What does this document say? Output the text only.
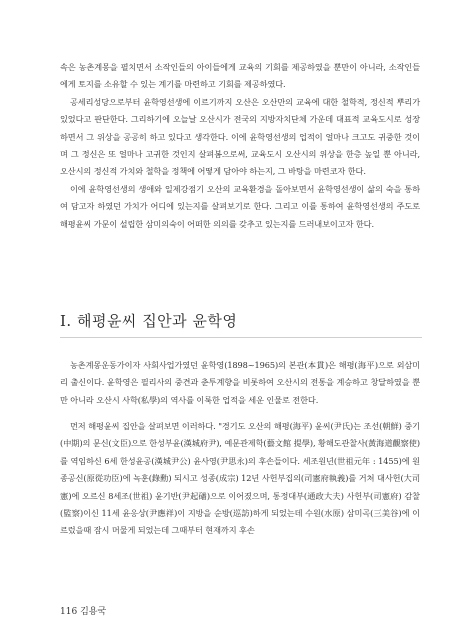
속은 농촌계몽을 펼치면서 소작인들의 아이들에게 교육의 기회를 제공하였을 뿐만이 아니라, 소작인들에게 토지를 소유할 수 있는 계기를 마련하고 기회를 제공하였다.

공세리성당으로부터 윤학영선생에 이르기까지 오산은 오산만의 교육에 대한 철학적, 정신적 뿌리가 있었다고 판단한다. 그리하기에 오늘날 오산시가 전국의 지방자치단체 가운데 대표적 교육도시로 성장하면서 그 위상을 공공히 하고 있다고 생각한다. 이에 윤학영선생의 업적이 얼마나 크고도 귀중한 것이며 그 정신은 또 얼마나 고귀한 것인지 살펴봄으로써, 교육도시 오산시의 위상을 한층 높일 뿐 아니라, 오산시의 정신적 가치와 철학을 정책에 어떻게 담아야 하는지, 그 바탕을 마련코자 한다.

이에 윤학영선생의 생애와 일제강점기 오산의 교육환경을 돌아보면서 윤학영선생이 삶의 숙을 통하여 담고자 하였던 가치가 어디에 있는지를 살펴보기로 한다. 그리고 이를 통하여 윤학영선생의 주도로 해평윤씨 가문이 설립한 삼미의숙이 어떠한 의의를 갖추고 있는지를 드러내보이고자 한다.

Ⅰ. 해평윤씨 집안과 윤학영

농촌계몽운동가이자 사회사업가였던 윤학영(1898~1965)의 본관(本貫)은 해평(海平)으로 외삼미리 출신이다. 윤학영은 필리사의 중견과 춘투계향을 비롯하여 오산시의 전통을 계승하고 창달하였을 뿐만 아니라 오산시 사학(私學)의 역사를 이룩한 업적을 세운 인물로 전한다.

먼저 해평윤씨 집안을 살펴보면 이러하다. "경기도 오산의 해평(海平) 윤씨(尹氏)는 조선(朝鮮) 중기(中期)의 문신(文臣)으로 한성부윤(漢城府尹), 예문관제학(藝文館 提學), 황해도관찰사(黃海道觀察使)를 역임하신 6세 한성윤공(漢城尹公) 윤사영(尹思永)의 후손들이다. 세조원년(世祖元年 : 1455)에 원종공신(原從功臣)에 녹훈(錄勳) 되시고 성종(成宗) 12년 사헌부집의(司憲府執義)를 거쳐 대사헌(大司憲)에 오르신 8세조(世祖) 윤기반(尹起磻)으로 이어졌으며, 통정대부(通政大夫) 사헌부(司憲府) 감찰(監察)이신 11세 윤응상(尹應祥)이 지방을 순방(巡訪)하게 되었는데 수원(水原) 삼미곡(三美谷)에 이르렀을때 잠시 머물게 되었는데 그때부터 현재까지 후손

116 김용국
